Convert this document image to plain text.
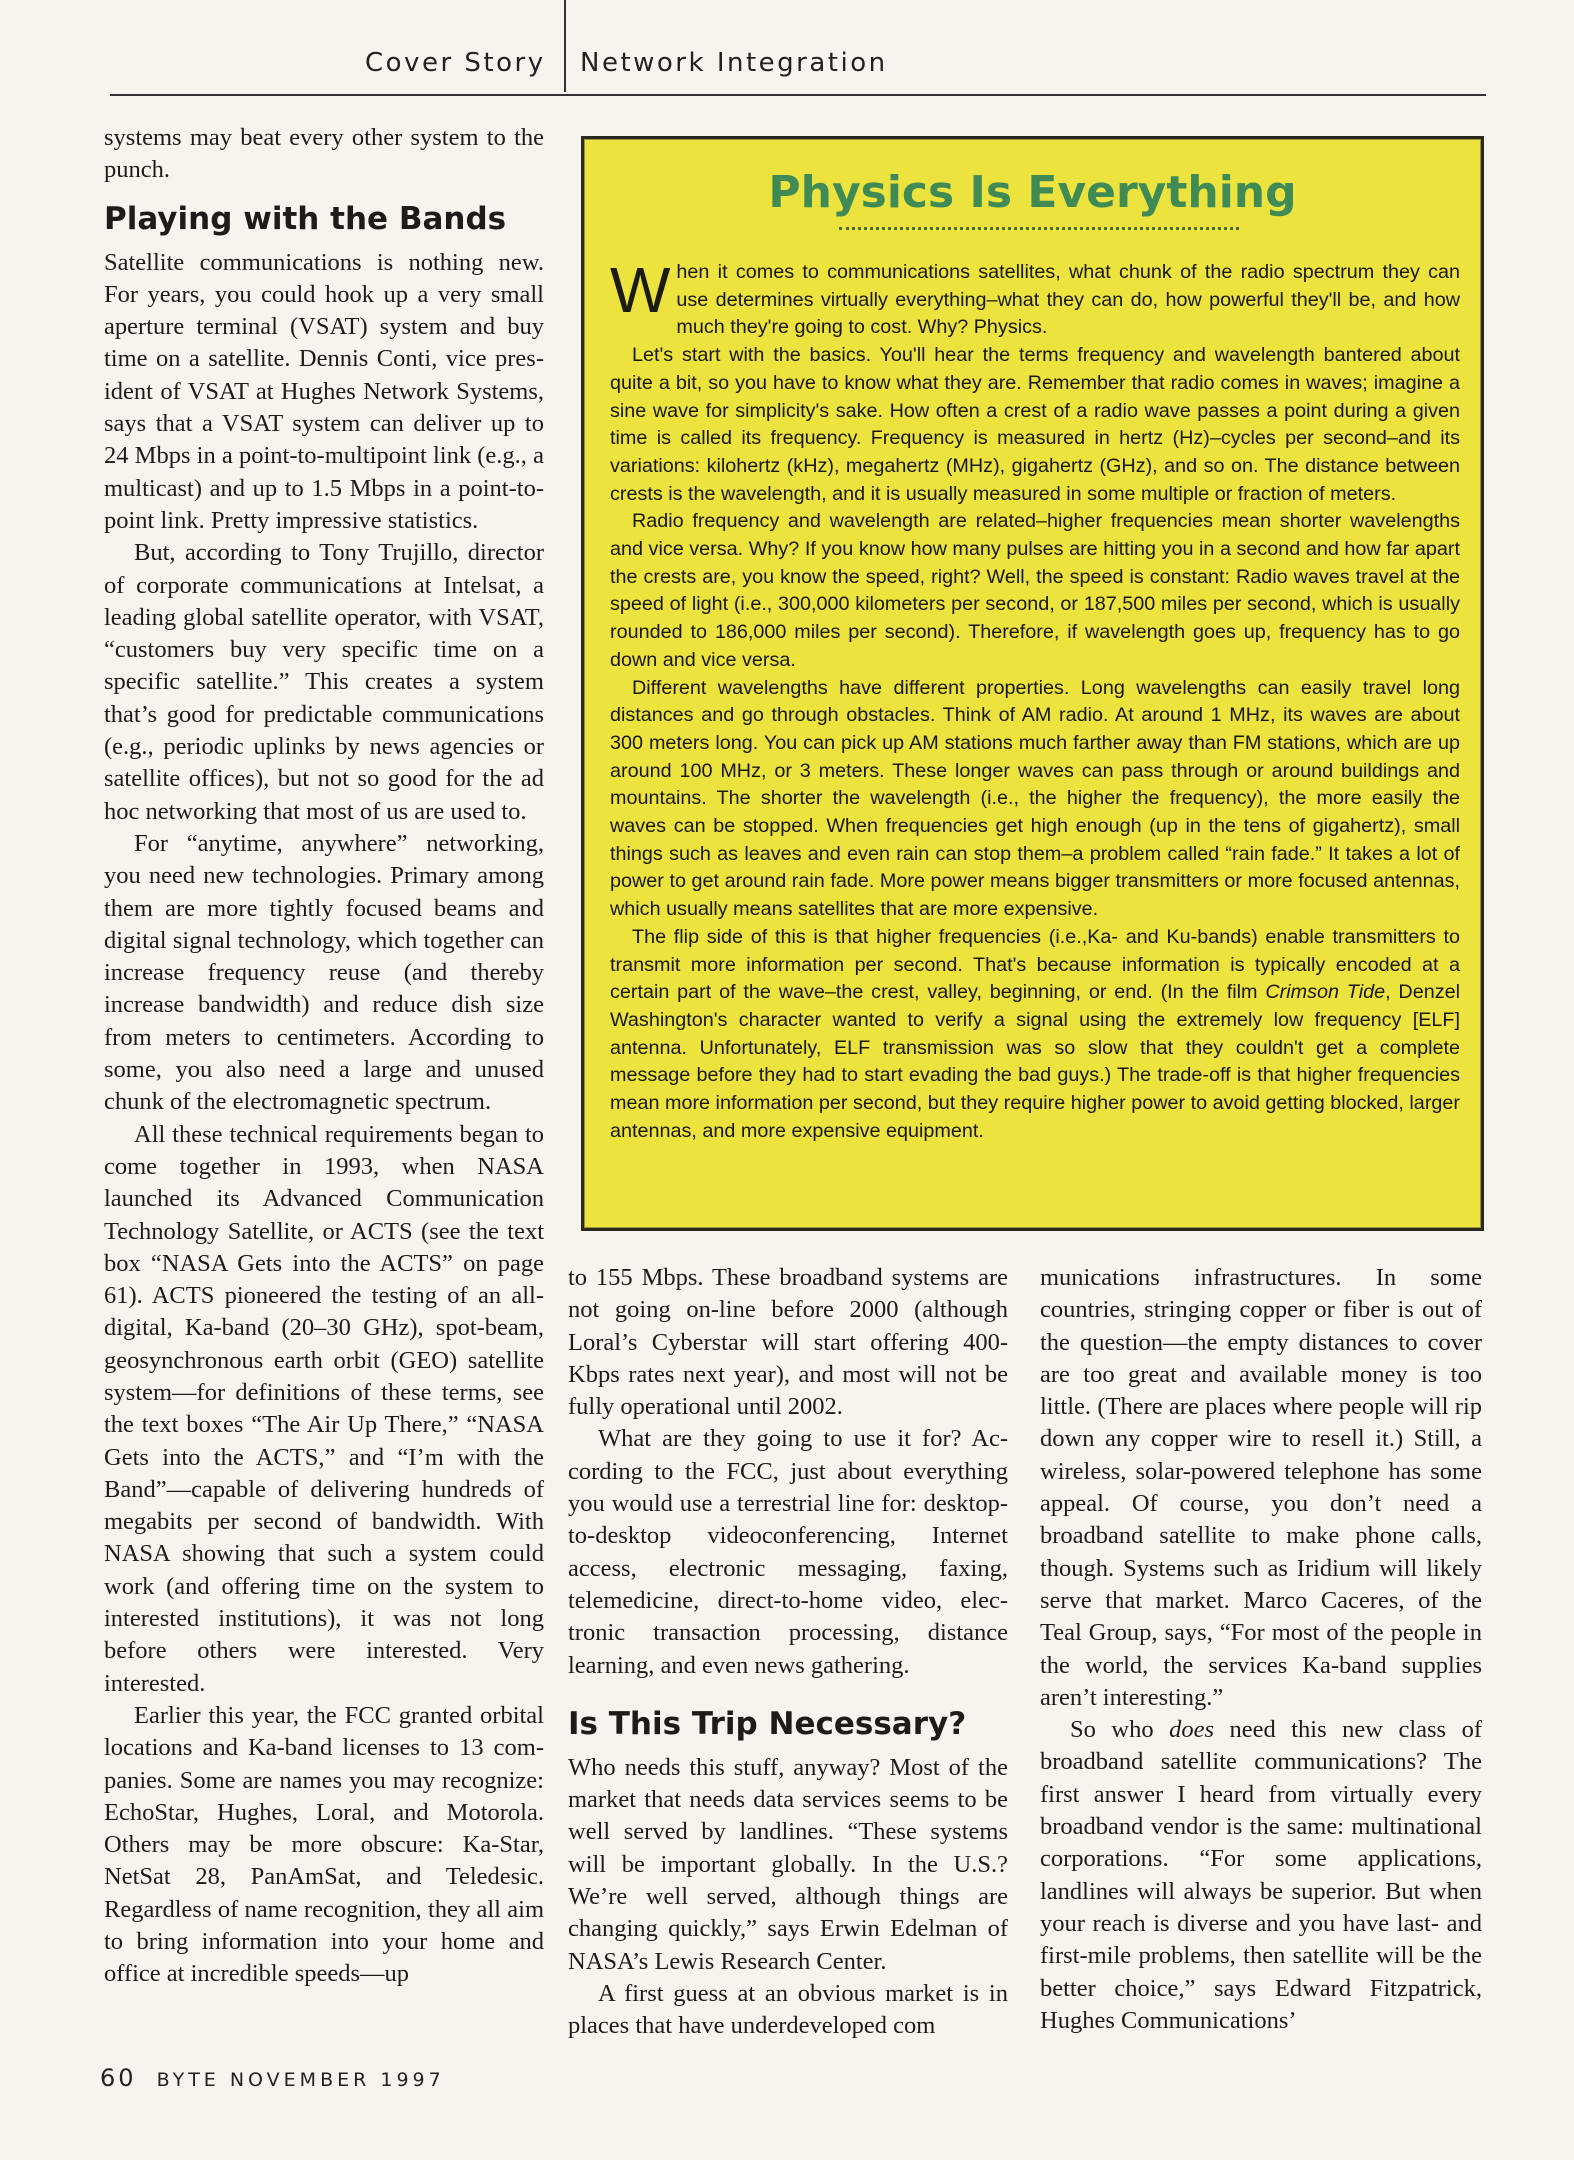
Cover Story Network Integration

systems may beat every other system to the punch.

Playing with the Bands

Satellite communications is nothing new. For years, you could hook up a very small aperture terminal (VSAT) system and buy time on a satellite. Dennis Conti, vice president of VSAT at Hughes Network Systems, says that a VSAT system can deliver up to 24 Mbps in a point-to-multipoint link (e.g., a multicast) and up to 1.5 Mbps in a point-to-point link. Pretty impressive statistics.

But, according to Tony Trujillo, director of corporate communications at Intelsat, a leading global satellite operator, with VSAT, “customers buy very specific time on a specific satellite.” This creates a system that’s good for predictable communications (e.g., periodic uplinks by news agencies or satellite offices), but not so good for the ad hoc networking that most of us are used to.

For “anytime, anywhere” networking, you need new technologies. Primary among them are more tightly focused beams and digital signal technology, which together can increase frequency reuse (and thereby increase bandwidth) and reduce dish size from meters to centimeters. According to some, you also need a large and unused chunk of the electromagnetic spectrum.

All these technical requirements began to come together in 1993, when NASA launched its Advanced Communication Technology Satellite, or ACTS (see the text box “NASA Gets into the ACTS” on page 61). ACTS pioneered the testing of an all-digital, Ka-band (20–30 GHz), spot-beam, geosynchronous earth orbit (GEO) satellite system—for definitions of these terms, see the text boxes “The Air Up There,” “NASA Gets into the ACTS,” and “I’m with the Band”—capable of delivering hundreds of megabits per second of bandwidth. With NASA showing that such a system could work (and offering time on the system to interested institutions), it was not long before others were interested. Very interested.

Earlier this year, the FCC granted orbital locations and Ka-band licenses to 13 companies. Some are names you may recognize: EchoStar, Hughes, Loral, and Motorola. Others may be more obscure: Ka-Star, NetSat 28, PanAmSat, and Teledesic. Regardless of name recognition, they all aim to bring information into your home and office at incredible speeds—up

Physics Is Everything

When it comes to communications satellites, what chunk of the radio spectrum they can use determines virtually everything–what they can do, how powerful they'll be, and how much they're going to cost. Why? Physics.

Let's start with the basics. You'll hear the terms frequency and wavelength bantered about quite a bit, so you have to know what they are. Remember that radio comes in waves; imagine a sine wave for simplicity's sake. How often a crest of a radio wave passes a point during a given time is called its frequency. Frequency is measured in hertz (Hz)–cycles per second–and its variations: kilohertz (kHz), megahertz (MHz), gigahertz (GHz), and so on. The distance between crests is the wavelength, and it is usually measured in some multiple or fraction of meters.

Radio frequency and wavelength are related–higher frequencies mean shorter wavelengths and vice versa. Why? If you know how many pulses are hitting you in a second and how far apart the crests are, you know the speed, right? Well, the speed is constant: Radio waves travel at the speed of light (i.e., 300,000 kilometers per second, or 187,500 miles per second, which is usually rounded to 186,000 miles per second). Therefore, if wavelength goes up, frequency has to go down and vice versa.

Different wavelengths have different properties. Long wavelengths can easily travel long distances and go through obstacles. Think of AM radio. At around 1 MHz, its waves are about 300 meters long. You can pick up AM stations much farther away than FM stations, which are up around 100 MHz, or 3 meters. These longer waves can pass through or around buildings and mountains. The shorter the wavelength (i.e., the higher the frequency), the more easily the waves can be stopped. When frequencies get high enough (up in the tens of gigahertz), small things such as leaves and even rain can stop them–a problem called “rain fade.” It takes a lot of power to get around rain fade. More power means bigger transmitters or more focused antennas, which usually means satellites that are more expensive.

The flip side of this is that higher frequencies (i.e.,Ka- and Ku-bands) enable transmitters to transmit more information per second. That's because information is typically encoded at a certain part of the wave–the crest, valley, beginning, or end. (In the film Crimson Tide, Denzel Washington's character wanted to verify a signal using the extremely low frequency [ELF] antenna. Unfortunately, ELF transmission was so slow that they couldn't get a complete message before they had to start evading the bad guys.) The trade-off is that higher frequencies mean more information per second, but they require higher power to avoid getting blocked, larger antennas, and more expensive equipment.

to 155 Mbps. These broadband systems are not going on-line before 2000 (although Loral’s Cyberstar will start offering 400-Kbps rates next year), and most will not be fully operational until 2002.

What are they going to use it for? According to the FCC, just about everything you would use a terrestrial line for: desktop-to-desktop videoconferencing, Internet access, electronic messaging, faxing, telemedicine, direct-to-home video, electronic transaction processing, distance learning, and even news gathering.

Is This Trip Necessary?

Who needs this stuff, anyway? Most of the market that needs data services seems to be well served by landlines. “These systems will be important globally. In the U.S.? We’re well served, although things are changing quickly,” says Erwin Edelman of NASA’s Lewis Research Center.

A first guess at an obvious market is in places that have underdeveloped com

munications infrastructures. In some countries, stringing copper or fiber is out of the question—the empty distances to cover are too great and available money is too little. (There are places where people will rip down any copper wire to resell it.) Still, a wireless, solar-powered telephone has some appeal. Of course, you don’t need a broadband satellite to make phone calls, though. Systems such as Iridium will likely serve that market. Marco Caceres, of the Teal Group, says, “For most of the people in the world, the services Ka-band supplies aren’t interesting.”

So who does need this new class of broadband satellite communications? The first answer I heard from virtually every broadband vendor is the same: multinational corporations. “For some applications, landlines will always be superior. But when your reach is diverse and you have last- and first-mile problems, then satellite will be the better choice,” says Edward Fitzpatrick, Hughes Communications’

60 BYTE NOVEMBER 1997
